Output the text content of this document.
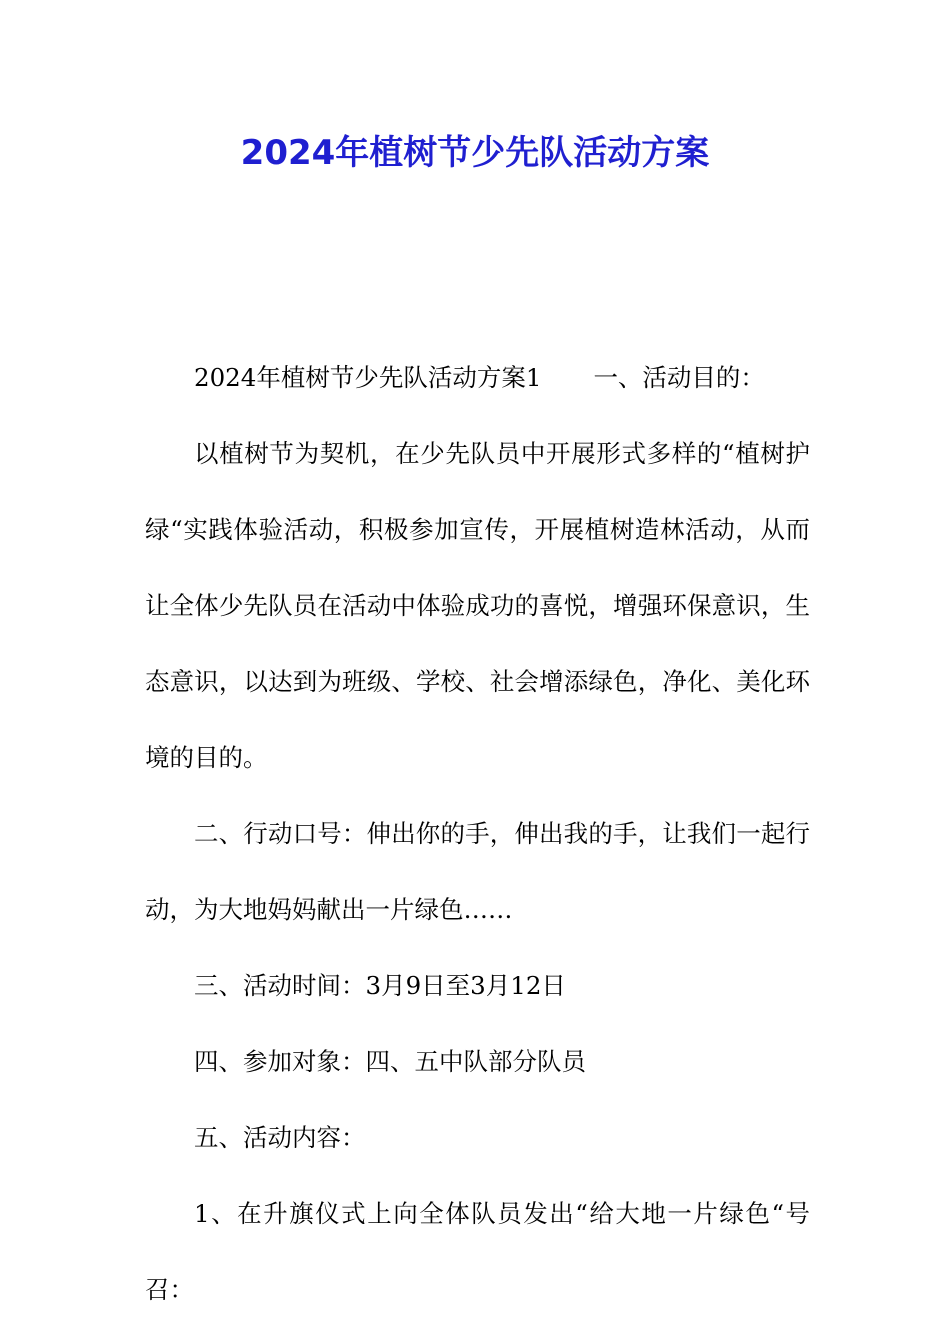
2024年植树节少先队活动方案

2024年植树节少先队活动方案1 一、活动目的：

以植树节为契机，在少先队员中开展形式多样的“植树护绿“实践体验活动，积极参加宣传，开展植树造林活动，从而让全体少先队员在活动中体验成功的喜悦，增强环保意识，生态意识，以达到为班级、学校、社会增添绿色，净化、美化环境的目的。

二、行动口号：伸出你的手，伸出我的手，让我们一起行动，为大地妈妈献出一片绿色……

三、活动时间：3月9日至3月12日

四、参加对象：四、五中队部分队员

五、活动内容：

1、在升旗仪式上向全体队员发出“给大地一片绿色“号召：
